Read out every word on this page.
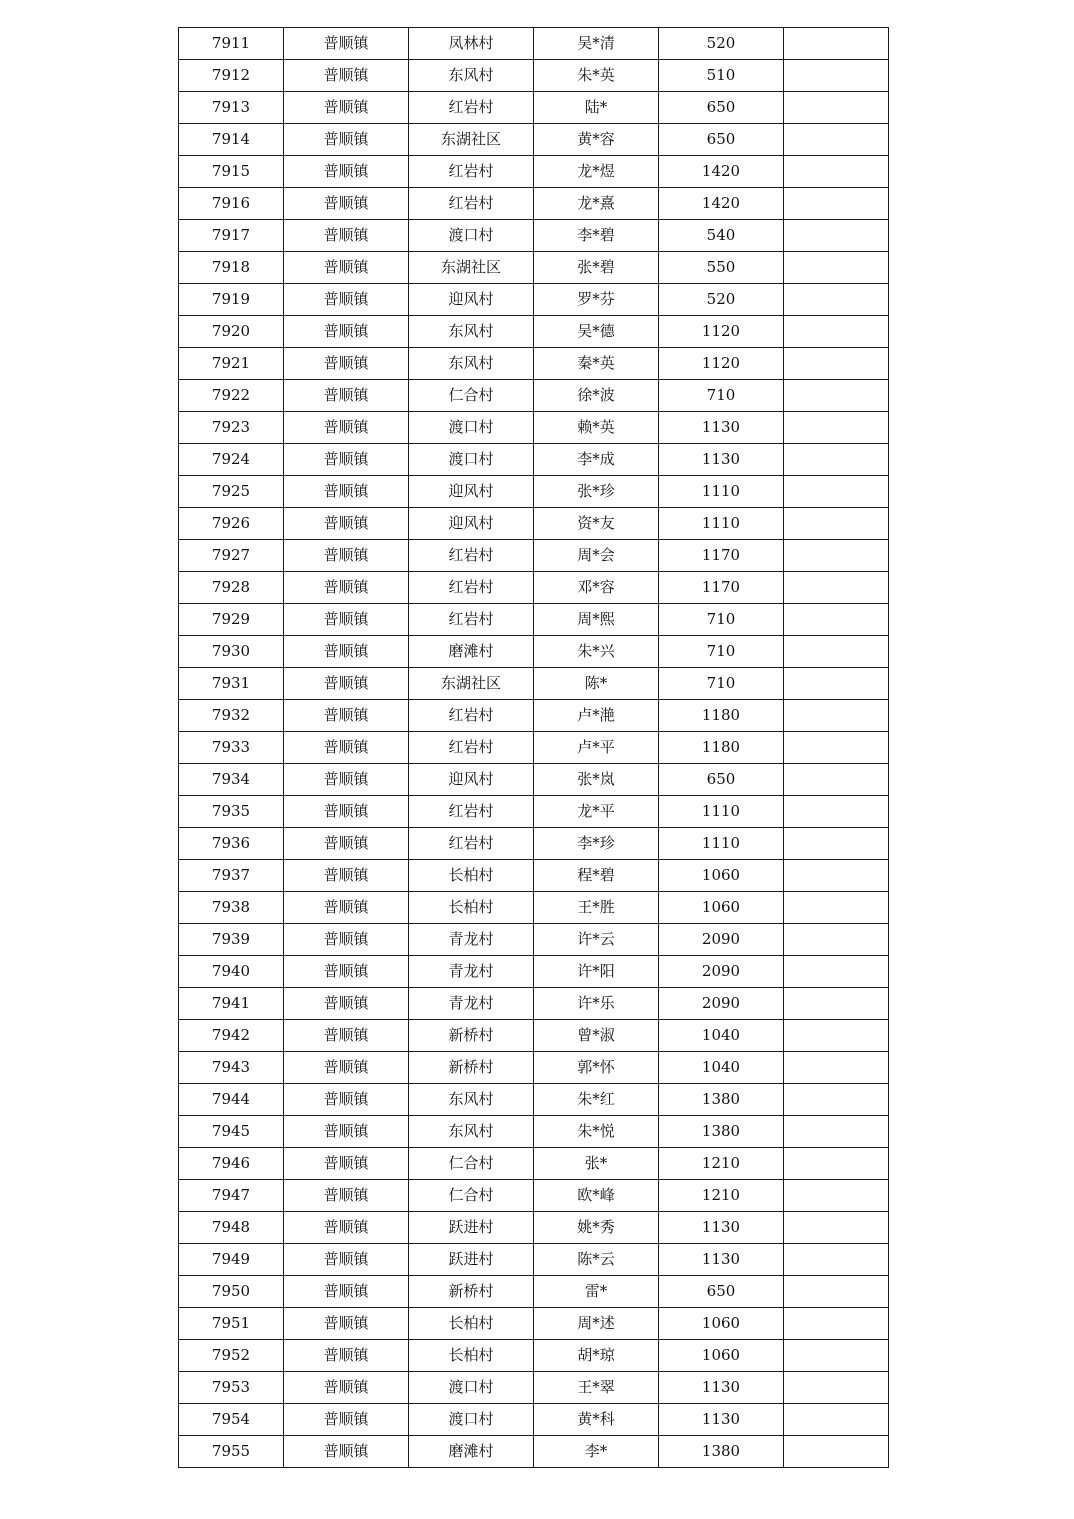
7911	普顺镇	凤林村	吴*清	520	
7912	普顺镇	东风村	朱*英	510	
7913	普顺镇	红岩村	陆*	650	
7914	普顺镇	东湖社区	黄*容	650	
7915	普顺镇	红岩村	龙*煜	1420	
7916	普顺镇	红岩村	龙*熹	1420	
7917	普顺镇	渡口村	李*碧	540	
7918	普顺镇	东湖社区	张*碧	550	
7919	普顺镇	迎风村	罗*芬	520	
7920	普顺镇	东风村	吴*德	1120	
7921	普顺镇	东风村	秦*英	1120	
7922	普顺镇	仁合村	徐*波	710	
7923	普顺镇	渡口村	赖*英	1130	
7924	普顺镇	渡口村	李*成	1130	
7925	普顺镇	迎风村	张*珍	1110	
7926	普顺镇	迎风村	资*友	1110	
7927	普顺镇	红岩村	周*会	1170	
7928	普顺镇	红岩村	邓*容	1170	
7929	普顺镇	红岩村	周*熙	710	
7930	普顺镇	磨滩村	朱*兴	710	
7931	普顺镇	东湖社区	陈*	710	
7932	普顺镇	红岩村	卢*滟	1180	
7933	普顺镇	红岩村	卢*平	1180	
7934	普顺镇	迎风村	张*岚	650	
7935	普顺镇	红岩村	龙*平	1110	
7936	普顺镇	红岩村	李*珍	1110	
7937	普顺镇	长柏村	程*碧	1060	
7938	普顺镇	长柏村	王*胜	1060	
7939	普顺镇	青龙村	许*云	2090	
7940	普顺镇	青龙村	许*阳	2090	
7941	普顺镇	青龙村	许*乐	2090	
7942	普顺镇	新桥村	曾*淑	1040	
7943	普顺镇	新桥村	郭*怀	1040	
7944	普顺镇	东风村	朱*红	1380	
7945	普顺镇	东风村	朱*悦	1380	
7946	普顺镇	仁合村	张*	1210	
7947	普顺镇	仁合村	欧*峰	1210	
7948	普顺镇	跃进村	姚*秀	1130	
7949	普顺镇	跃进村	陈*云	1130	
7950	普顺镇	新桥村	雷*	650	
7951	普顺镇	长柏村	周*述	1060	
7952	普顺镇	长柏村	胡*琼	1060	
7953	普顺镇	渡口村	王*翠	1130	
7954	普顺镇	渡口村	黄*科	1130	
7955	普顺镇	磨滩村	李*	1380	
